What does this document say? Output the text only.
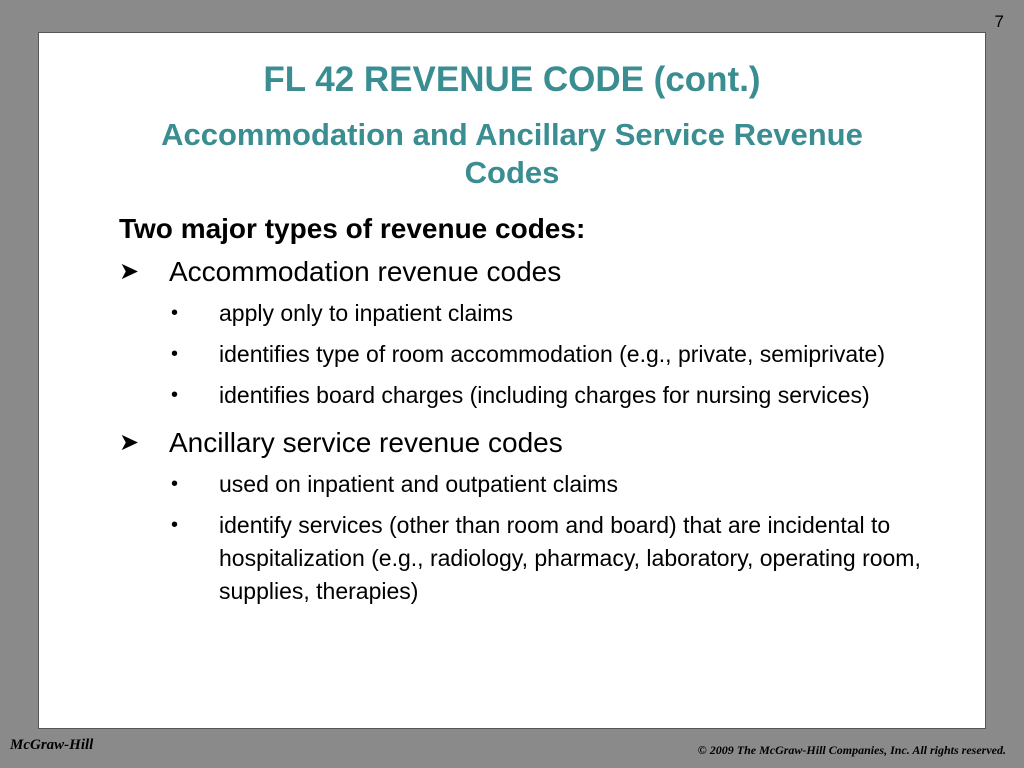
7
FL 42 REVENUE CODE (cont.)
Accommodation and Ancillary Service Revenue Codes
Two major types of revenue codes:
➤ Accommodation revenue codes
• apply only to inpatient claims
• identifies type of room accommodation (e.g., private, semiprivate)
• identifies board charges (including charges for nursing services)
➤ Ancillary service revenue codes
• used on inpatient and outpatient claims
• identify services (other than room and board) that are incidental to hospitalization (e.g., radiology, pharmacy, laboratory, operating room, supplies, therapies)
McGraw-Hill	© 2009 The McGraw-Hill Companies, Inc. All rights reserved.
